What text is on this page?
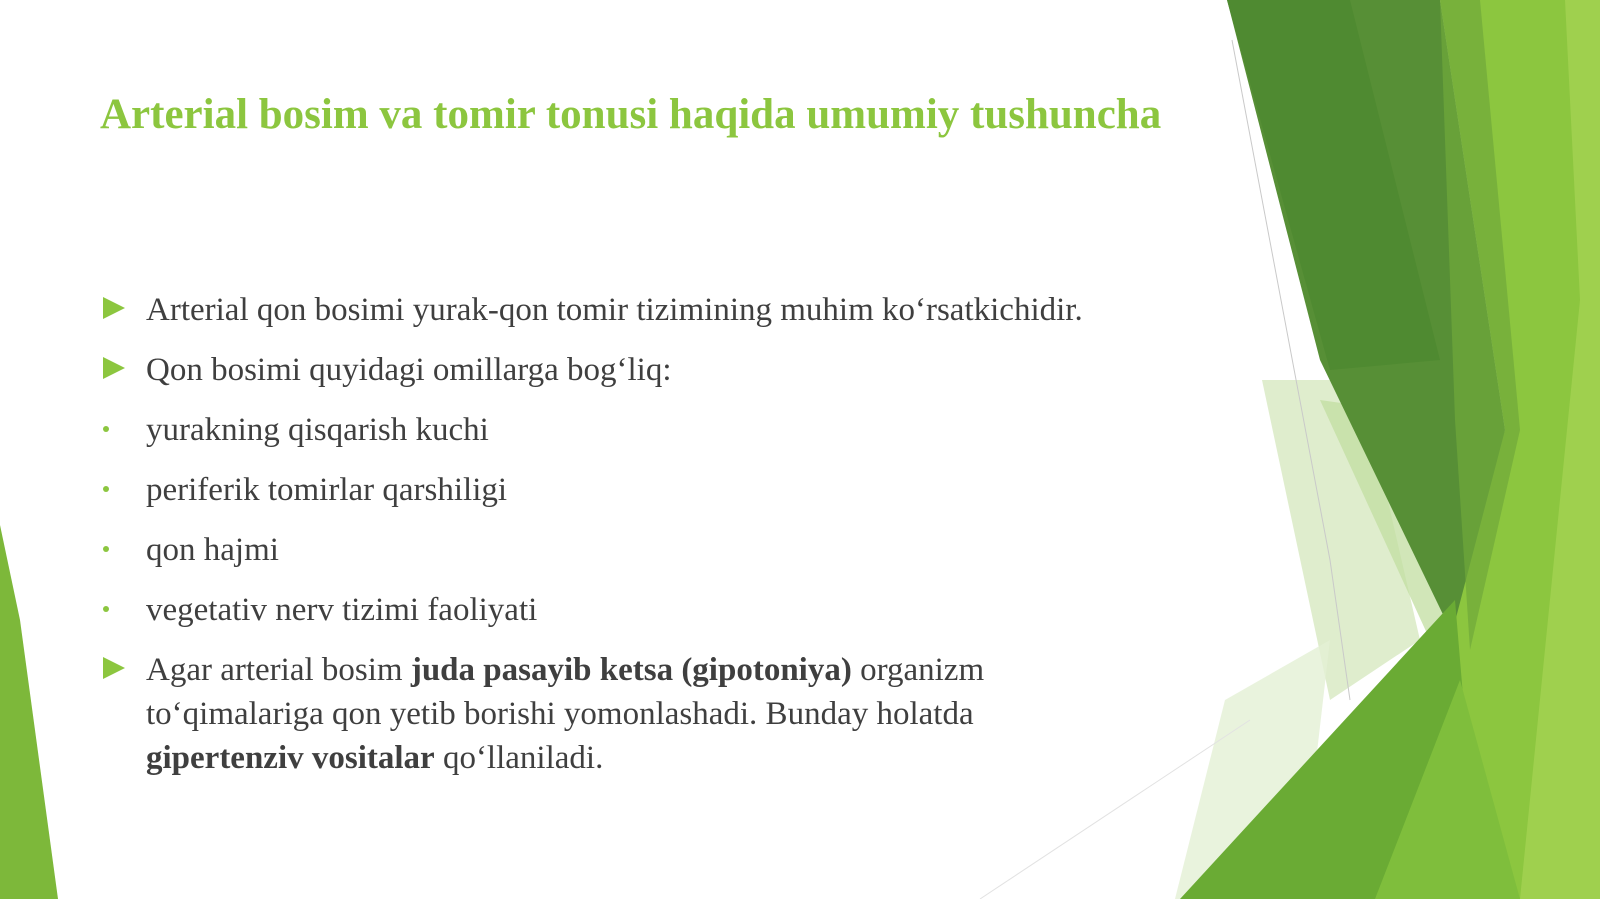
Arterial bosim va tomir tonusi haqida umumiy tushuncha
Arterial qon bosimi yurak-qon tomir tizimining muhim ko‘rsatkichidir.
Qon bosimi quyidagi omillarga bog‘liq:
yurakning qisqarish kuchi
periferik tomirlar qarshiligi
qon hajmi
vegetativ nerv tizimi faoliyati
Agar arterial bosim juda pasayib ketsa (gipotoniya) organizm to‘qimalariga qon yetib borishi yomonlashadi. Bunday holatda gipertenziv vositalar qo‘llaniladi.
